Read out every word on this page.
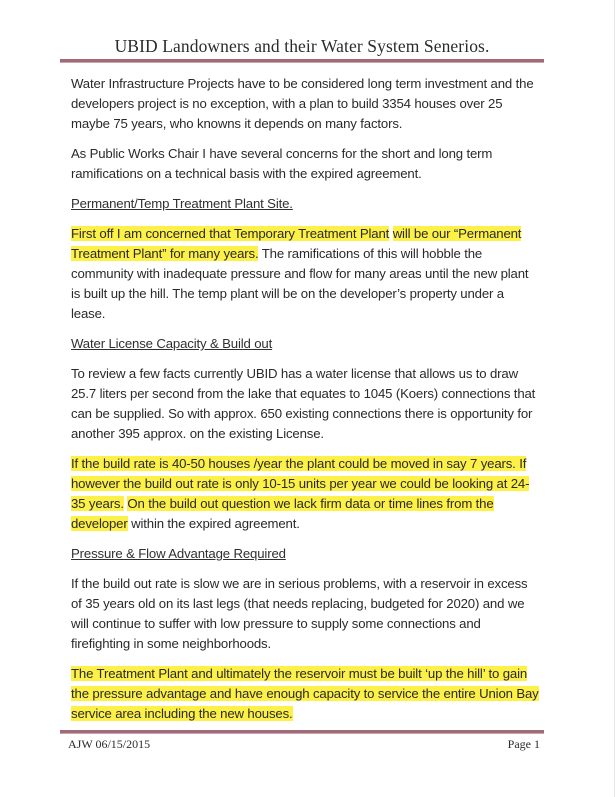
UBID Landowners and their Water System Senerios.

Water Infrastructure Projects have to be considered long term investment and the developers project is no exception, with a plan to build 3354 houses over 25 maybe 75 years, who knowns it depends on many factors.

As Public Works Chair I have several concerns for the short and long term ramifications on a technical basis with the expired agreement.

Permanent/Temp Treatment Plant Site.

First off I am concerned that Temporary Treatment Plant will be our “Permanent Treatment Plant” for many years. The ramifications of this will hobble the community with inadequate pressure and flow for many areas until the new plant is built up the hill. The temp plant will be on the developer’s property under a lease.

Water License Capacity & Build out

To review a few facts currently UBID has a water license that allows us to draw 25.7 liters per second from the lake that equates to 1045 (Koers) connections that can be supplied. So with approx. 650 existing connections there is opportunity for another 395 approx. on the existing License.

If the build rate is 40-50 houses /year the plant could be moved in say 7 years. If however the build out rate is only 10-15 units per year we could be looking at 24-35 years. On the build out question we lack firm data or time lines from the developer within the expired agreement.

Pressure & Flow Advantage Required

If the build out rate is slow we are in serious problems, with a reservoir in excess of 35 years old on its last legs (that needs replacing, budgeted for 2020) and we will continue to suffer with low pressure to supply some connections and firefighting in some neighborhoods.

The Treatment Plant and ultimately the reservoir must be built ‘up the hill’ to gain the pressure advantage and have enough capacity to service the entire Union Bay service area including the new houses.

AJW 06/15/2015	Page 1
